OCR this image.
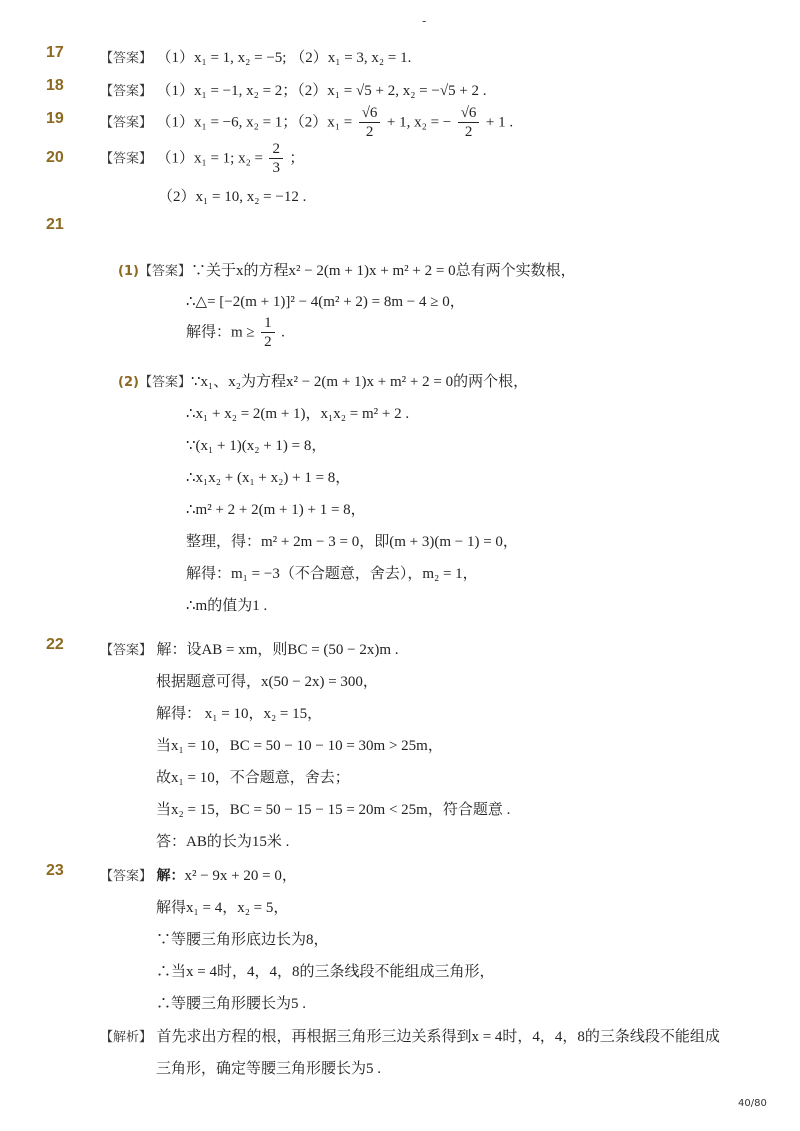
-
17	【答案】 （1）x₁ = 1, x₂ = −5; （2）x₁ = 3, x₂ = 1.
18	【答案】 （1）x₁ = −1, x₂ = 2；（2）x₁ = √5 + 2, x₂ = −√5 + 2 .
19	【答案】 （1）x₁ = −6, x₂ = 1；$(2)x_1 = \frac{√6}{2} + 1$, x₂ = − $\frac{√6}{2} + 1$ .
20	【答案】 （1）x₁ = 1; $x_2 = \frac{2}{3}$ ；
（2）x₁ = 10, x₂ = −12 .
21
(1)【答案】∵关于x的方程x² − 2(m + 1)x + m² + 2 = 0总有两个实数根，
∴△= [−2(m + 1)]² − 4(m² + 2) = 8m − 4 ≥ 0，
解得：$m \ge \frac{1}{2}$ .
(2)【答案】∵x₁、x₂为方程x² − 2(m + 1)x + m² + 2 = 0的两个根，
∴x₁ + x₂ = 2(m + 1)，x₁x₂ = m² + 2 .
∵(x₁ + 1)(x₂ + 1) = 8，
∴x₁x₂ + (x₁ + x₂) + 1 = 8，
∴m² + 2 + 2(m + 1) + 1 = 8，
整理，得：m² + 2m − 3 = 0，即(m + 3)(m − 1) = 0，
解得：m₁ = −3（不合题意，舍去），m₂ = 1，
∴m的值为1 .
22	【答案】 解：设AB = xm，则BC = (50 − 2x)m .
根据题意可得，x(50 − 2x) = 300，
解得： x₁ = 10，x₂ = 15，
当x₁ = 10，BC = 50 − 10 − 10 = 30m > 25m，
故x₁ = 10，不合题意，舍去；
当x₂ = 15，BC = 50 − 15 − 15 = 20m < 25m，符合题意 .
答：AB的长为15米 .
23	【答案】 解：x² − 9x + 20 = 0，
解得x₁ = 4，x₂ = 5，
∵等腰三角形底边长为8，
∴当x = 4时，4，4，8的三条线段不能组成三角形，
∴等腰三角形腰长为5 .
【解析】 首先求出方程的根，再根据三角形三边关系得到x = 4时，4，4，8的三条线段不能组成
三角形，确定等腰三角形腰长为5 .
40/80
